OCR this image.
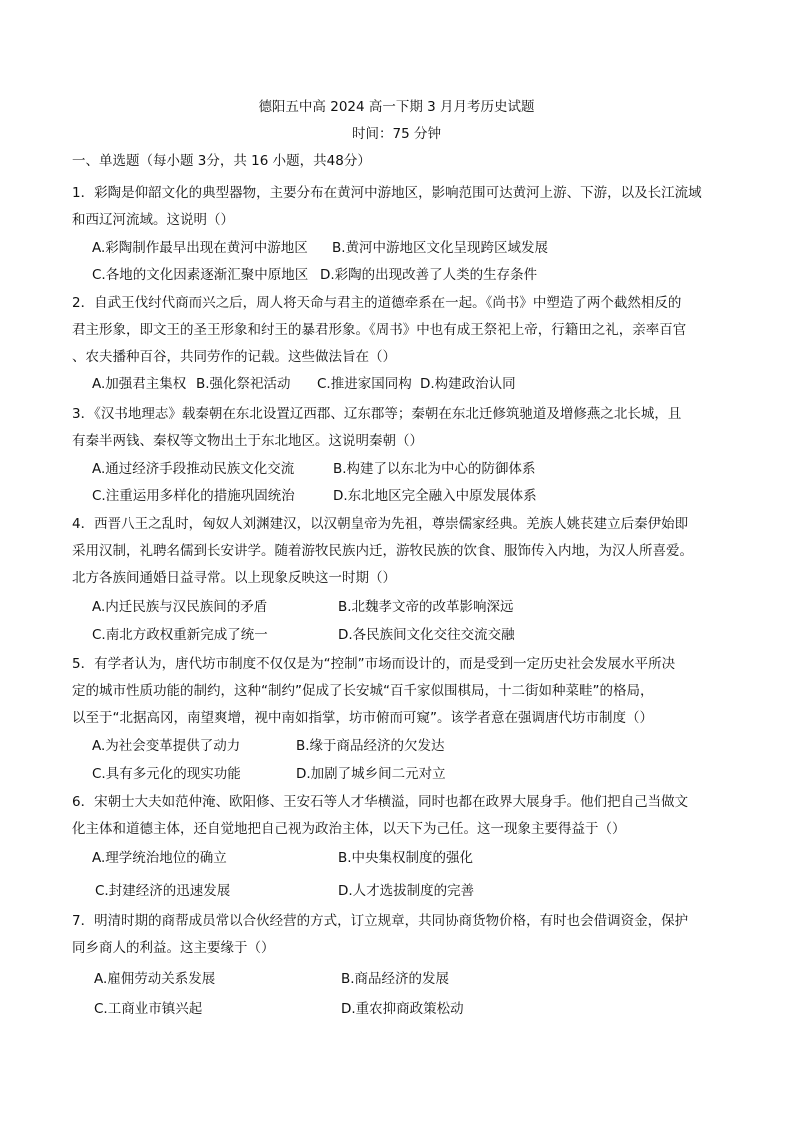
德阳五中高 2024 高一下期 3 月月考历史试题
时间：75 分钟
一、单选题（每小题 3分，共 16 小题，共48分）
1．彩陶是仰韶文化的典型器物，主要分布在黄河中游地区，影响范围可达黄河上游、下游，以及长江流域
和西辽河流域。这说明（）
A.彩陶制作最早出现在黄河中游地区 B.黄河中游地区文化呈现跨区域发展
C.各地的文化因素逐渐汇聚中原地区 D.彩陶的出现改善了人类的生存条件
2．自武王伐纣代商而兴之后，周人将天命与君主的道德牵系在一起。《尚书》中塑造了两个截然相反的
君主形象，即文王的圣王形象和纣王的暴君形象。《周书》中也有成王祭祀上帝，行籍田之礼，亲率百官
、农夫播种百谷，共同劳作的记载。这些做法旨在（）
A.加强君主集权 B.强化祭祀活动 C.推进家国同构 D.构建政治认同
3．《汉书地理志》载秦朝在东北设置辽西郡、辽东郡等；秦朝在东北迁修筑驰道及增修燕之北长城，且
有秦半两钱、秦权等文物出土于东北地区。这说明秦朝（）
A.通过经济手段推动民族文化交流	B.构建了以东北为中心的防御体系
C.注重运用多样化的措施巩固统治	D.东北地区完全融入中原发展体系
4．西晋八王之乱时，匈奴人刘渊建汉，以汉朝皇帝为先祖，尊崇儒家经典。羌族人姚苌建立后秦伊始即
采用汉制，礼聘名儒到长安讲学。随着游牧民族内迁，游牧民族的饮食、服饰传入内地，为汉人所喜爱。
北方各族间通婚日益寻常。以上现象反映这一时期（）
A.内迁民族与汉民族间的矛盾	B.北魏孝文帝的改革影响深远
C.南北方政权重新完成了统一	D.各民族间文化交往交流交融
5．有学者认为，唐代坊市制度不仅仅是为“控制”市场而设计的，而是受到一定历史社会发展水平所决
定的城市性质功能的制约，这种“制约”促成了长安城“百千家似围棋局，十二街如种菜畦”的格局，
以至于“北据高冈，南望爽增，视中南如指掌，坊市俯而可窥”。该学者意在强调唐代坊市制度（）
A.为社会变革提供了动力	B.缘于商品经济的欠发达
C.具有多元化的现实功能	D.加剧了城乡间二元对立
6．宋朝士大夫如范仲淹、欧阳修、王安石等人才华横溢，同时也都在政界大展身手。他们把自己当做文
化主体和道德主体，还自觉地把自己视为政治主体，以天下为己任。这一现象主要得益于（）
A.理学统治地位的确立	B.中央集权制度的强化
C.封建经济的迅速发展	D.人才选拔制度的完善
7．明清时期的商帮成员常以合伙经营的方式，订立规章，共同协商货物价格，有时也会借调资金，保护
同乡商人的利益。这主要缘于（）
A.雇佣劳动关系发展	B.商品经济的发展
C.工商业市镇兴起	D.重农抑商政策松动
